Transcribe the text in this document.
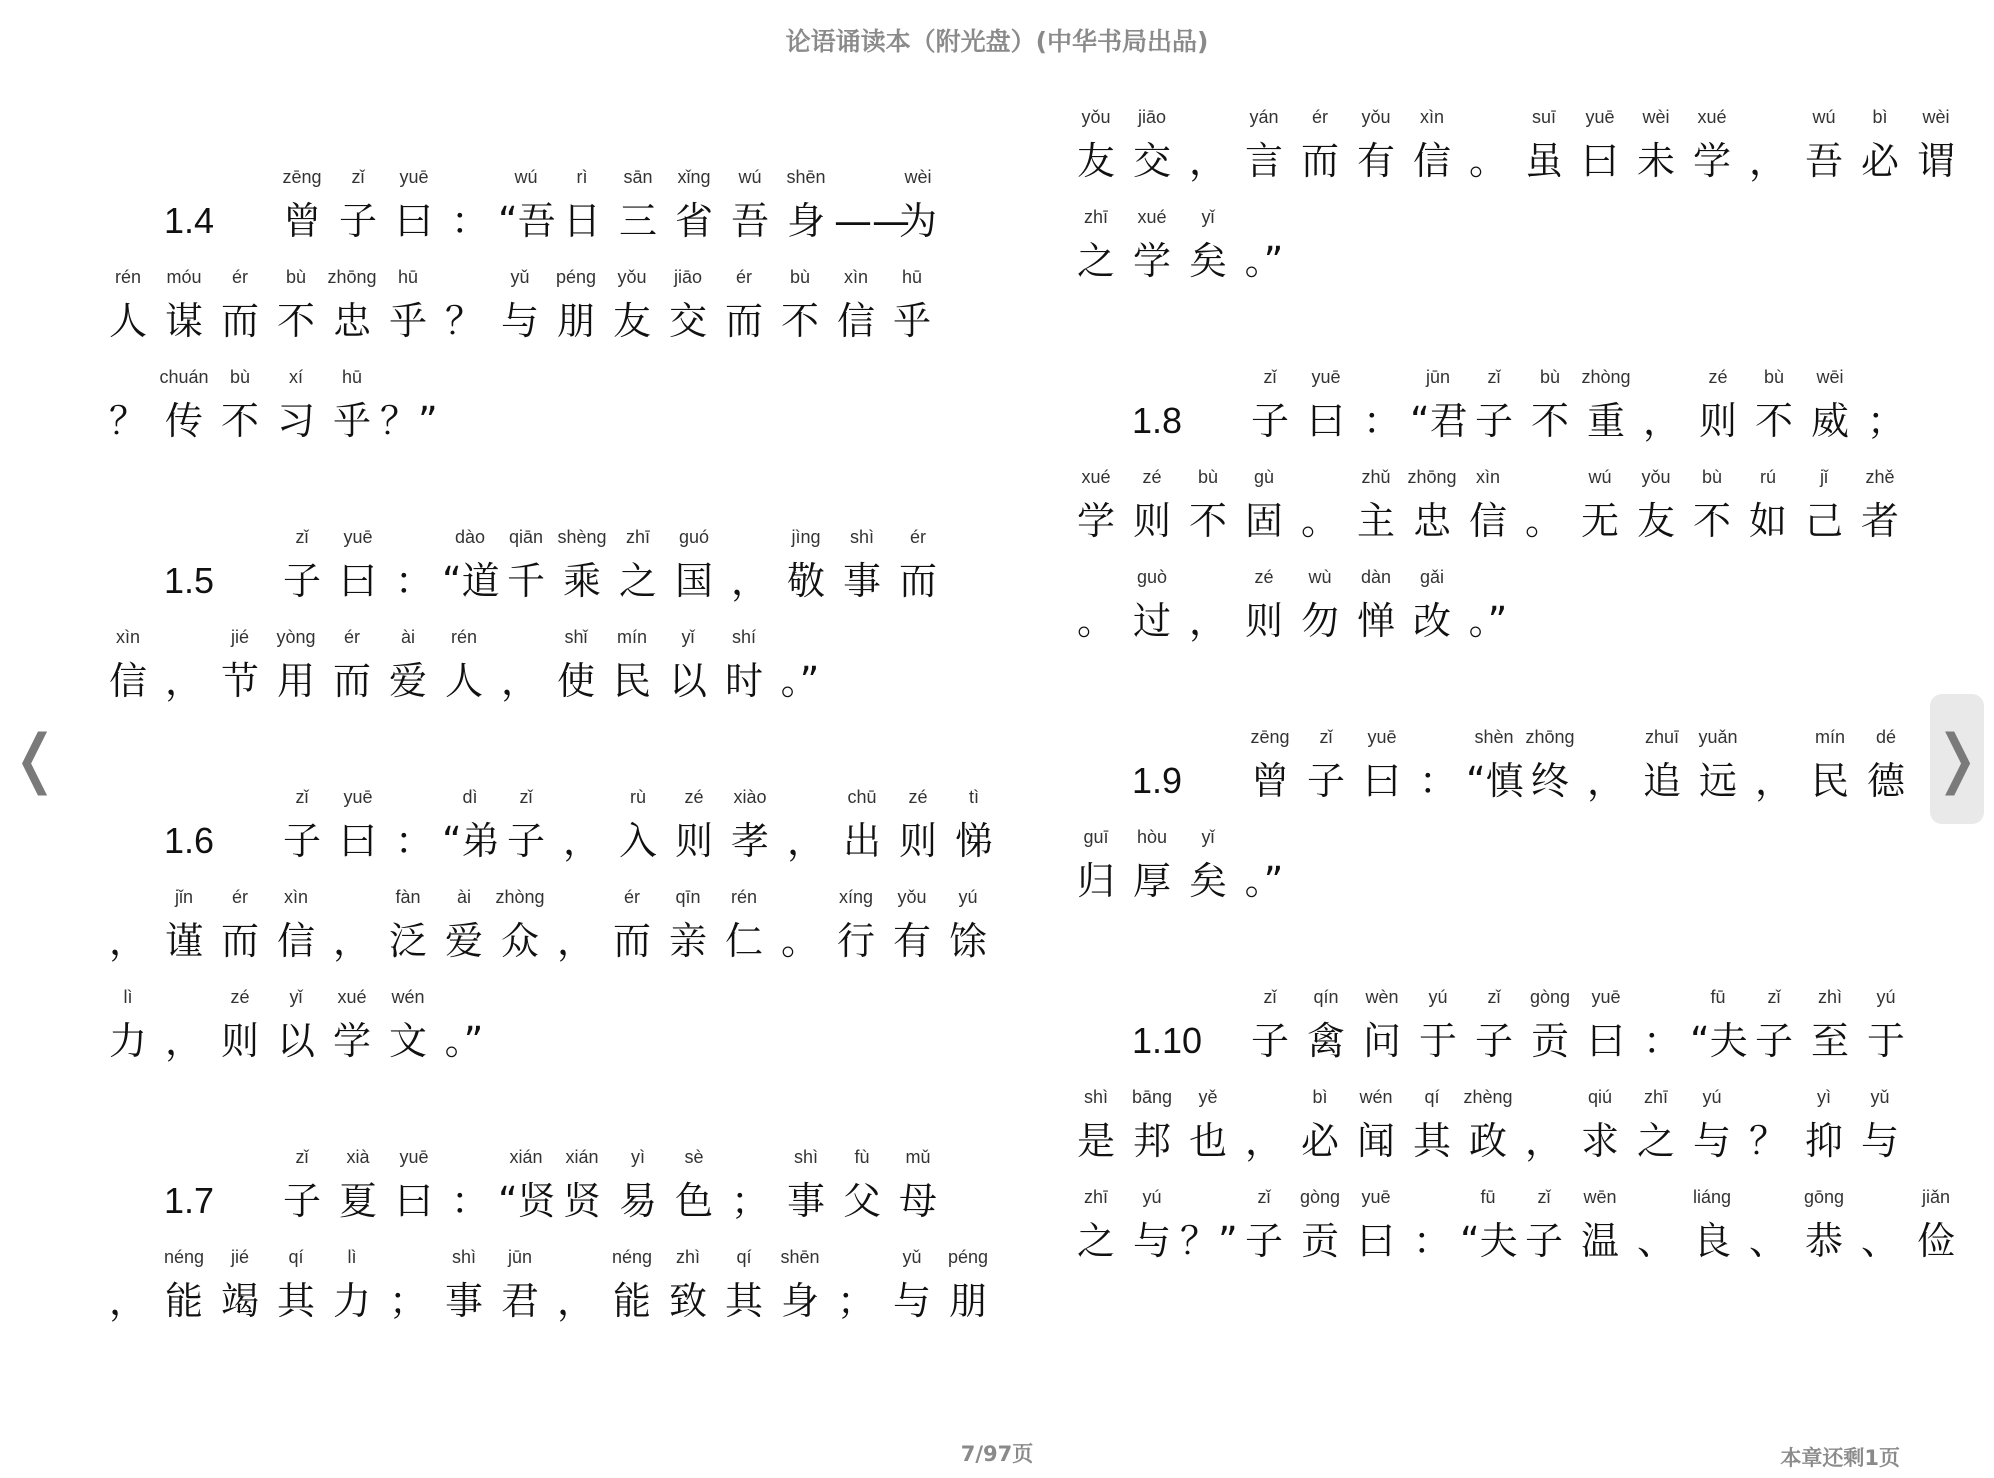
论语诵读本（附光盘）(中华书局出品)
1.4
zēng
曾
zǐ
子
yuē
曰 ：
wú
“吾
rì
日
sān
三
xǐng
省
wú
吾
shēn
身 ——
wèi
为
rén
人
móu
谋
ér
而
bù
不
zhōng
忠
hū
乎 ？
yǔ
与
péng
朋
yǒu
友
jiāo
交
ér
而
bù
不
xìn
信
hū
乎
？
chuán
传
bù
不
xí
习
hū
乎 ？”
1.5
zǐ
子
yuē
曰 ：
dào
“道
qiān
千
shèng
乘
zhī
之
guó
国 ，
jìng
敬
shì
事
ér
而
xìn
信 ，
jié
节
yòng
用
ér
而
ài
爱
rén
人 ，
shǐ
使
mín
民
yǐ
以
shí
时 。”
1.6
zǐ
子
yuē
曰 ：
dì
“弟
zǐ
子 ，
rù
入
zé
则
xiào
孝 ，
chū
出
zé
则
tì
悌
，
jǐn
谨
ér
而
xìn
信 ，
fàn
泛
ài
爱
zhòng
众 ，
ér
而
qīn
亲
rén
仁 。
xíng
行
yǒu
有
yú
馀
lì
力 ，
zé
则
yǐ
以
xué
学
wén
文 。”
1.7
zǐ
子
xià
夏
yuē
曰 ：
xián
“贤
xián
贤
yì
易
sè
色 ；
shì
事
fù
父
mǔ
母
，
néng
能
jié
竭
qí
其
lì
力 ；
shì
事
jūn
君 ，
néng
能
zhì
致
qí
其
shēn
身 ；
yǔ
与
péng
朋
yǒu
友
jiāo
交 ，
yán
言
ér
而
yǒu
有
xìn
信 。
suī
虽
yuē
曰
wèi
未
xué
学 ，
wú
吾
bì
必
wèi
谓
zhī
之
xué
学
yǐ
矣 。”
1.8
zǐ
子
yuē
曰 ：
jūn
“君
zǐ
子
bù
不
zhòng
重 ，
zé
则
bù
不
wēi
威 ；
xué
学
zé
则
bù
不
gù
固 。
zhǔ
主
zhōng
忠
xìn
信 。
wú
无
yǒu
友
bù
不
rú
如
jǐ
己
zhě
者
。
guò
过 ，
zé
则
wù
勿
dàn
惮
gǎi
改 。”
1.9
zēng
曾
zǐ
子
yuē
曰 ：
shèn
“慎
zhōng
终 ，
zhuī
追
yuǎn
远 ，
mín
民
dé
德
guī
归
hòu
厚
yǐ
矣 。”
1.10
zǐ
子
qín
禽
wèn
问
yú
于
zǐ
子
gòng
贡
yuē
曰 ：
fū
“夫
zǐ
子
zhì
至
yú
于
shì
是
bāng
邦
yě
也 ，
bì
必
wén
闻
qí
其
zhèng
政 ，
qiú
求
zhī
之
yú
与 ？
yì
抑
yǔ
与
zhī
之
yú
与 ？”
zǐ
子
gòng
贡
yuē
曰 ：
fū
“夫
zǐ
子
wēn
温 、
liáng
良 、
gōng
恭 、
jiǎn
俭
❬	❭
7/97页	本章还剩1页
